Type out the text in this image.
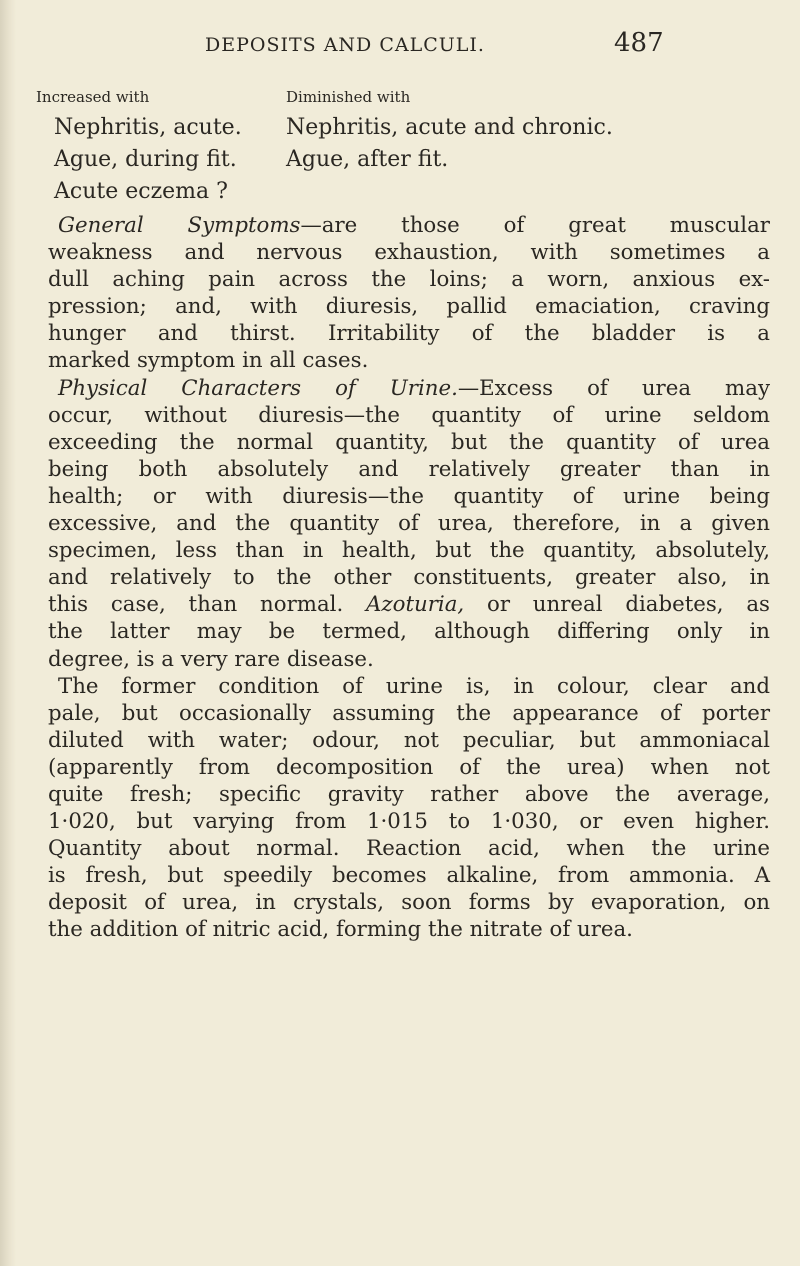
DEPOSITS AND CALCULI.	487
Increased with	Diminished with
Nephritis, acute. Nephritis, acute and chronic.
Ague, during fit. Ague, after fit.
Acute eczema ?
General Symptoms—are those of great muscular
weakness and nervous exhaustion, with sometimes a
dull aching pain across the loins; a worn, anxious ex-
pression; and, with diuresis, pallid emaciation, craving
hunger and thirst. Irritability of the bladder is a
marked symptom in all cases.
Physical Characters of Urine.—Excess of urea may
occur, without diuresis—the quantity of urine seldom
exceeding the normal quantity, but the quantity of urea
being both absolutely and relatively greater than in
health; or with diuresis—the quantity of urine being
excessive, and the quantity of urea, therefore, in a given
specimen, less than in health, but the quantity, absolutely,
and relatively to the other constituents, greater also, in
this case, than normal. Azoturia, or unreal diabetes, as
the latter may be termed, although differing only in
degree, is a very rare disease.
The former condition of urine is, in colour, clear and
pale, but occasionally assuming the appearance of porter
diluted with water; odour, not peculiar, but ammoniacal
(apparently from decomposition of the urea) when not
quite fresh; specific gravity rather above the average,
1·020, but varying from 1·015 to 1·030, or even higher.
Quantity about normal. Reaction acid, when the urine
is fresh, but speedily becomes alkaline, from ammonia. A
deposit of urea, in crystals, soon forms by evaporation, on
the addition of nitric acid, forming the nitrate of urea.
